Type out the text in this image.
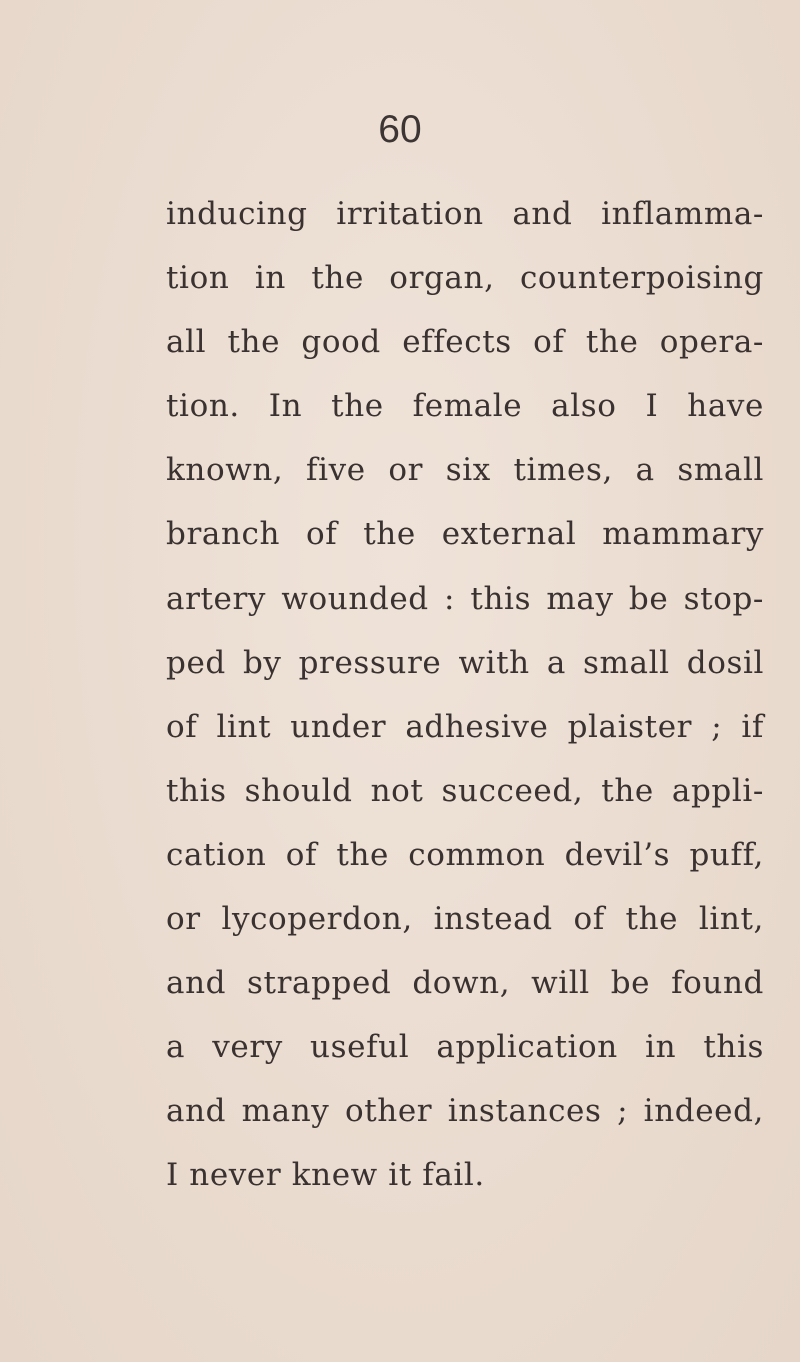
60
inducing irritation and inflamma-
tion in the organ, counterpoising
all the good effects of the opera-
tion. In the female also I have
known, five or six times, a small
branch of the external mammary
artery wounded : this may be stop-
ped by pressure with a small dosil
of lint under adhesive plaister ; if
this should not succeed, the appli-
cation of the common devil’s puff,
or lycoperdon, instead of the lint,
and strapped down, will be found
a very useful application in this
and many other instances ; indeed,
I never knew it fail.
